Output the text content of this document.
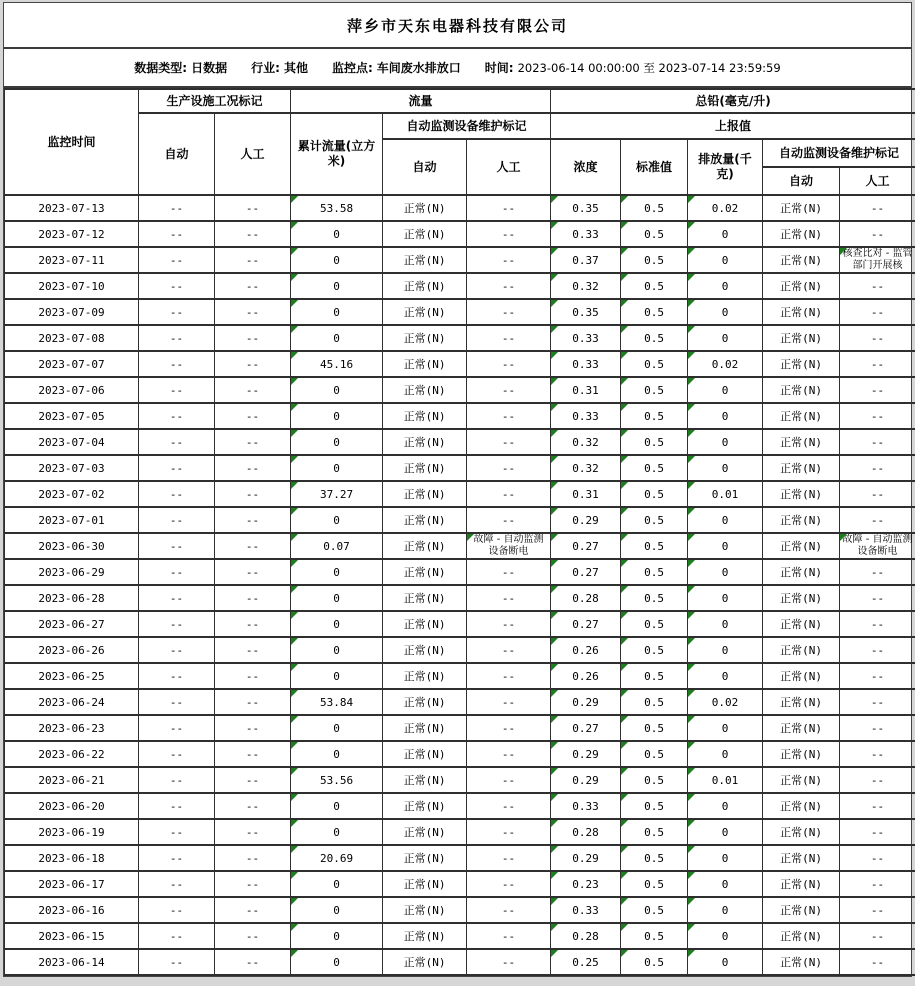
萍乡市天东电器科技有限公司
数据类型: 日数据 行业: 其他 监控点: 车间废水排放口 时间: 2023-06-14 00:00:00 至 2023-07-14 23:59:59
监控时间	生产设施工况标记		流量			总铅(毫克/升)				
	自动	人工	累计流量(立方米)	自动监测设备维护标记		上报值				
				自动	人工	浓度	标准值	排放量(千克)	自动监测设备维护标记	
									自动	人工
2023-07-13	--	--	53.58	正常(N)	--	0.35	0.5	0.02	正常(N)	--
2023-07-12	--	--	0	正常(N)	--	0.33	0.5	0	正常(N)	--
2023-07-11	--	--	0	正常(N)	--	0.37	0.5	0	正常(N)	核查比对 - 监管部门开展核
2023-07-10	--	--	0	正常(N)	--	0.32	0.5	0	正常(N)	--
2023-07-09	--	--	0	正常(N)	--	0.35	0.5	0	正常(N)	--
2023-07-08	--	--	0	正常(N)	--	0.33	0.5	0	正常(N)	--
2023-07-07	--	--	45.16	正常(N)	--	0.33	0.5	0.02	正常(N)	--
2023-07-06	--	--	0	正常(N)	--	0.31	0.5	0	正常(N)	--
2023-07-05	--	--	0	正常(N)	--	0.33	0.5	0	正常(N)	--
2023-07-04	--	--	0	正常(N)	--	0.32	0.5	0	正常(N)	--
2023-07-03	--	--	0	正常(N)	--	0.32	0.5	0	正常(N)	--
2023-07-02	--	--	37.27	正常(N)	--	0.31	0.5	0.01	正常(N)	--
2023-07-01	--	--	0	正常(N)	--	0.29	0.5	0	正常(N)	--
2023-06-30	--	--	0.07	正常(N)	故障 - 自动监测设备断电	0.27	0.5	0	正常(N)	故障 - 自动监测设备断电
2023-06-29	--	--	0	正常(N)	--	0.27	0.5	0	正常(N)	--
2023-06-28	--	--	0	正常(N)	--	0.28	0.5	0	正常(N)	--
2023-06-27	--	--	0	正常(N)	--	0.27	0.5	0	正常(N)	--
2023-06-26	--	--	0	正常(N)	--	0.26	0.5	0	正常(N)	--
2023-06-25	--	--	0	正常(N)	--	0.26	0.5	0	正常(N)	--
2023-06-24	--	--	53.84	正常(N)	--	0.29	0.5	0.02	正常(N)	--
2023-06-23	--	--	0	正常(N)	--	0.27	0.5	0	正常(N)	--
2023-06-22	--	--	0	正常(N)	--	0.29	0.5	0	正常(N)	--
2023-06-21	--	--	53.56	正常(N)	--	0.29	0.5	0.01	正常(N)	--
2023-06-20	--	--	0	正常(N)	--	0.33	0.5	0	正常(N)	--
2023-06-19	--	--	0	正常(N)	--	0.28	0.5	0	正常(N)	--
2023-06-18	--	--	20.69	正常(N)	--	0.29	0.5	0	正常(N)	--
2023-06-17	--	--	0	正常(N)	--	0.23	0.5	0	正常(N)	--
2023-06-16	--	--	0	正常(N)	--	0.33	0.5	0	正常(N)	--
2023-06-15	--	--	0	正常(N)	--	0.28	0.5	0	正常(N)	--
2023-06-14	--	--	0	正常(N)	--	0.25	0.5	0	正常(N)	--
